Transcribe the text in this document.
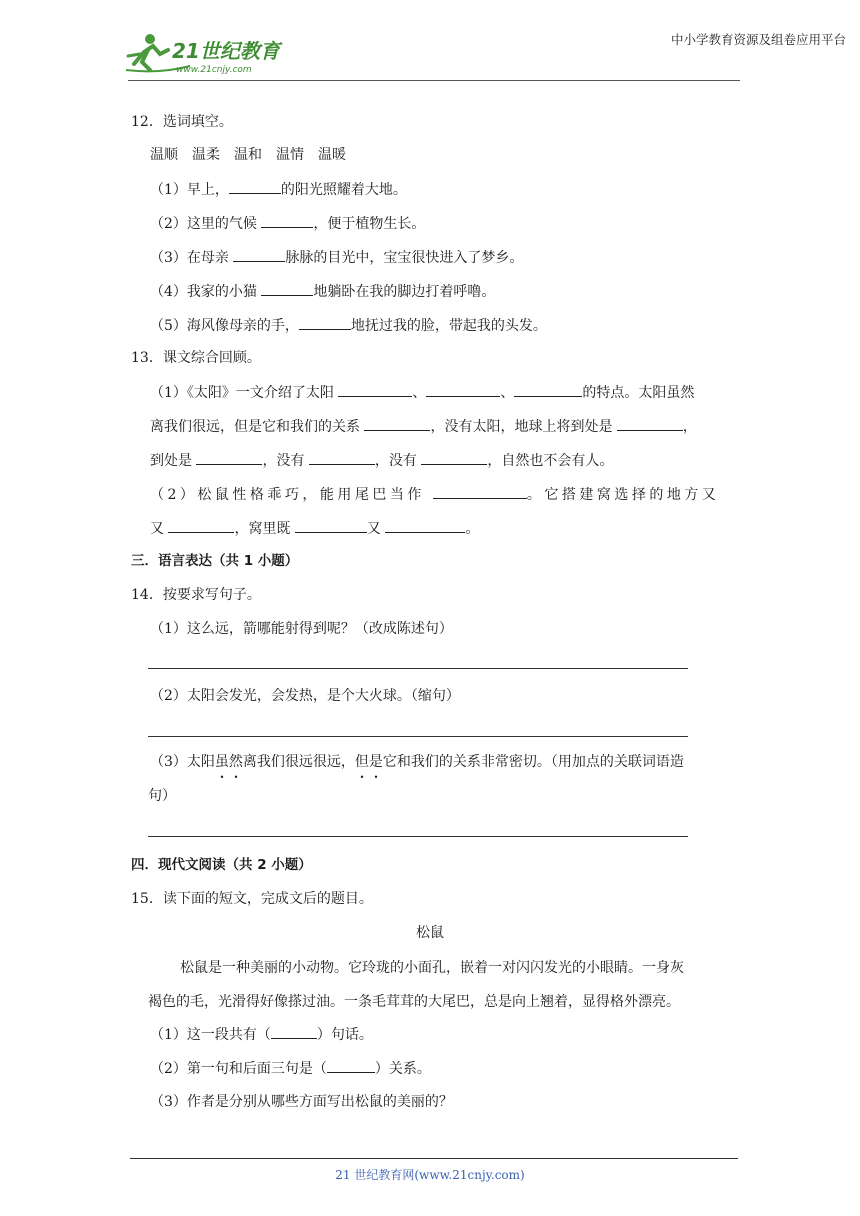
21世纪教育
www.21cnjy.com
中小学教育资源及组卷应用平台
12．选词填空。
温顺　温柔　温和　温情　温暖
（1）早上，	的阳光照耀着大地。
（2）这里的气候	，便于植物生长。
（3）在母亲	脉脉的目光中，宝宝很快进入了梦乡。
（4）我家的小猫	地躺卧在我的脚边打着呼噜。
（5）海风像母亲的手，	地抚过我的脸，带起我的头发。
13．课文综合回顾。
（1）《太阳》一文介绍了太阳	、	、	的特点。太阳虽然
离我们很远，但是它和我们的关系	，没有太阳，地球上将到处是	，
到处是	，没有	，没有	，自然也不会有人。
（2）松鼠性格乖巧，能用尾巴当作	。它搭建窝选择的地方又
又	，窝里既	又	。
三．语言表达（共 1 小题）
14．按要求写句子。
（1）这么远，箭哪能射得到呢？（改成陈述句）
（2）太阳会发光，会发热，是个大火球。（缩句）
（3）太阳虽然离我们很远很远，但是它和我们的关系非常密切。（用加点的关联词语造
句）
四．现代文阅读（共 2 小题）
15．读下面的短文，完成文后的题目。
松鼠
松鼠是一种美丽的小动物。它玲珑的小面孔，嵌着一对闪闪发光的小眼睛。一身灰
褐色的毛，光滑得好像搽过油。一条毛茸茸的大尾巴，总是向上翘着，显得格外漂亮。
（1）这一段共有（	）句话。
（2）第一句和后面三句是（	）关系。
（3）作者是分别从哪些方面写出松鼠的美丽的？
21 世纪教育网(www.21cnjy.com)
